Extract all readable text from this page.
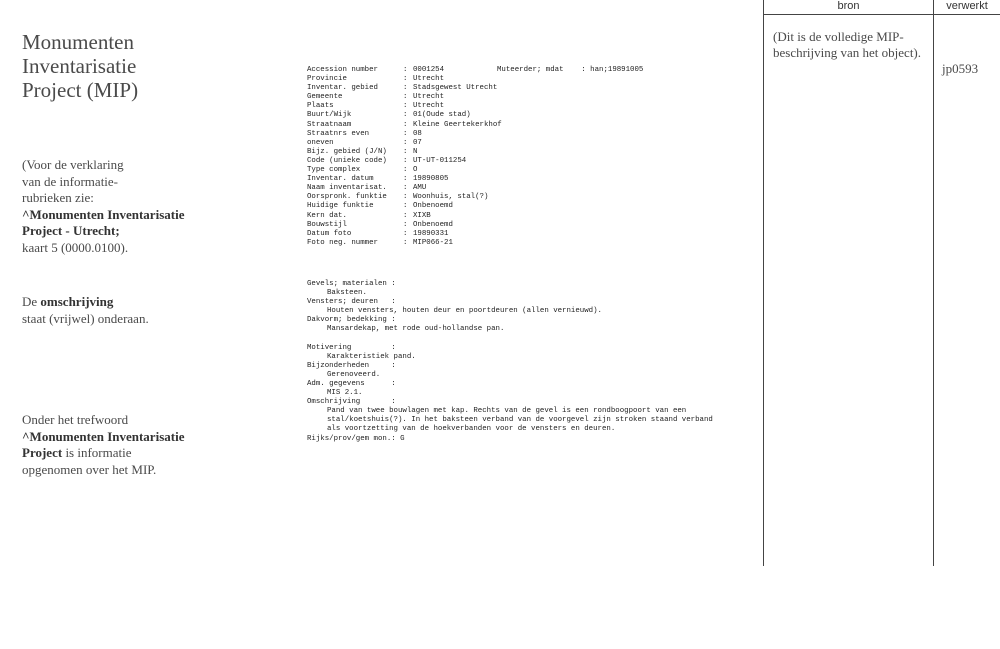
Monumenten
Inventarisatie
Project (MIP)
(Voor de verklaring
van de informatie-
rubrieken zie:
^Monumenten Inventarisatie
Project - Utrecht;
kaart 5 (0000.0100).
De omschrijving
staat (vrijwel) onderaan.
Onder het trefwoord
^Monumenten Inventarisatie
Project is informatie
opgenomen over het MIP.
Muteerder; mdat    : han;19891005
Accession number	: 0001254
Provincie	: Utrecht
Inventar. gebied	: Stadsgewest Utrecht
Gemeente	: Utrecht
Plaats	: Utrecht
Buurt/Wijk	: 01(Oude stad)
Straatnaam	: Kleine Geertekerkhof
Straatnrs even	: 08
oneven	: 07
Bijz. gebied (J/N)	: N
Code (unieke code)	: UT-UT-011254
Type complex	: O
Inventar. datum	: 19890805
Naam inventarisat.	: AMU
Oorspronk. funktie	: Woonhuis, stal(?)
Huidige funktie	: Onbenoemd
Kern dat.	: XIXB
Bouwstijl	: Onbenoemd
Datum foto	: 19890331
Foto neg. nummer	: MIP066-21
Gevels; materialen :
Baksteen.
Vensters; deuren   :
Houten vensters, houten deur en poortdeuren (allen vernieuwd).
Dakvorm; bedekking :
Mansardekap, met rode oud-hollandse pan.
Motivering         :
Karakteristiek pand.
Bijzonderheden     :
Gerenoveerd.
Adm. gegevens      :
MIS 2.1.
Omschrijving       :
Pand van twee bouwlagen met kap. Rechts van de gevel is een rondboogpoort van een stal/koetshuis(?). In het baksteen verband van de voorgevel zijn stroken staand verband als voortzetting van de hoekverbanden voor de vensters en deuren.
Rijks/prov/gem mon.: G
bron	verwerkt
(Dit is de volledige MIP-beschrijving van het object).
jp0593
